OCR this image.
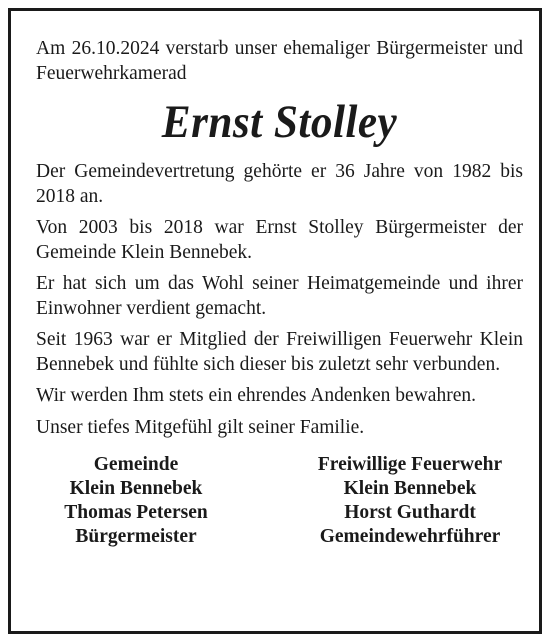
Am 26.10.2024 verstarb unser ehemaliger Bürgermeister und Feuerwehrkamerad

Ernst Stolley

Der Gemeindevertretung gehörte er 36 Jahre von 1982 bis 2018 an.

Von 2003 bis 2018 war Ernst Stolley Bürgermeister der Gemeinde Klein Bennebek.

Er hat sich um das Wohl seiner Heimatgemeinde und ihrer Einwohner verdient gemacht.

Seit 1963 war er Mitglied der Freiwilligen Feuerwehr Klein Bennebek und fühlte sich dieser bis zuletzt sehr verbunden.

Wir werden Ihm stets ein ehrendes Andenken bewahren.

Unser tiefes Mitgefühl gilt seiner Familie.

Gemeinde
Klein Bennebek
Thomas Petersen
Bürgermeister
Freiwillige Feuerwehr
Klein Bennebek
Horst Guthardt
Gemeindewehrführer
